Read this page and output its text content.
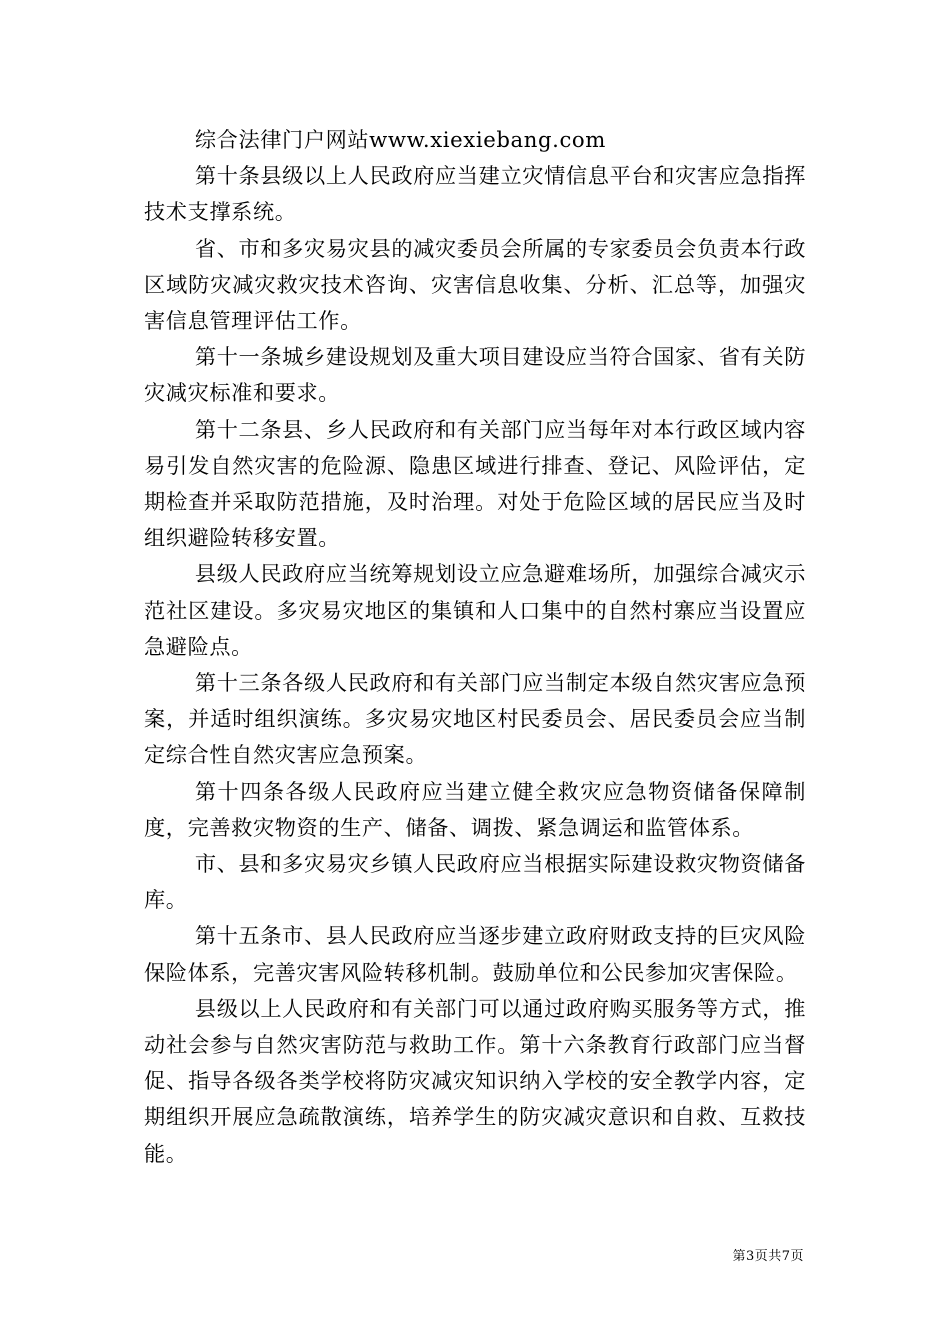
综合法律门户网站www.xiexiebang.com

第十条县级以上人民政府应当建立灾情信息平台和灾害应急指挥技术支撑系统。

省、市和多灾易灾县的减灾委员会所属的专家委员会负责本行政区域防灾减灾救灾技术咨询、灾害信息收集、分析、汇总等，加强灾害信息管理评估工作。

第十一条城乡建设规划及重大项目建设应当符合国家、省有关防灾减灾标准和要求。

第十二条县、乡人民政府和有关部门应当每年对本行政区域内容易引发自然灾害的危险源、隐患区域进行排查、登记、风险评估，定期检查并采取防范措施，及时治理。对处于危险区域的居民应当及时组织避险转移安置。

县级人民政府应当统筹规划设立应急避难场所，加强综合减灾示范社区建设。多灾易灾地区的集镇和人口集中的自然村寨应当设置应急避险点。

第十三条各级人民政府和有关部门应当制定本级自然灾害应急预案，并适时组织演练。多灾易灾地区村民委员会、居民委员会应当制定综合性自然灾害应急预案。

第十四条各级人民政府应当建立健全救灾应急物资储备保障制度，完善救灾物资的生产、储备、调拨、紧急调运和监管体系。

市、县和多灾易灾乡镇人民政府应当根据实际建设救灾物资储备库。

第十五条市、县人民政府应当逐步建立政府财政支持的巨灾风险保险体系，完善灾害风险转移机制。鼓励单位和公民参加灾害保险。

县级以上人民政府和有关部门可以通过政府购买服务等方式，推动社会参与自然灾害防范与救助工作。第十六条教育行政部门应当督促、指导各级各类学校将防灾减灾知识纳入学校的安全教学内容，定期组织开展应急疏散演练，培养学生的防灾减灾意识和自救、互救技能。

第3页共7页
